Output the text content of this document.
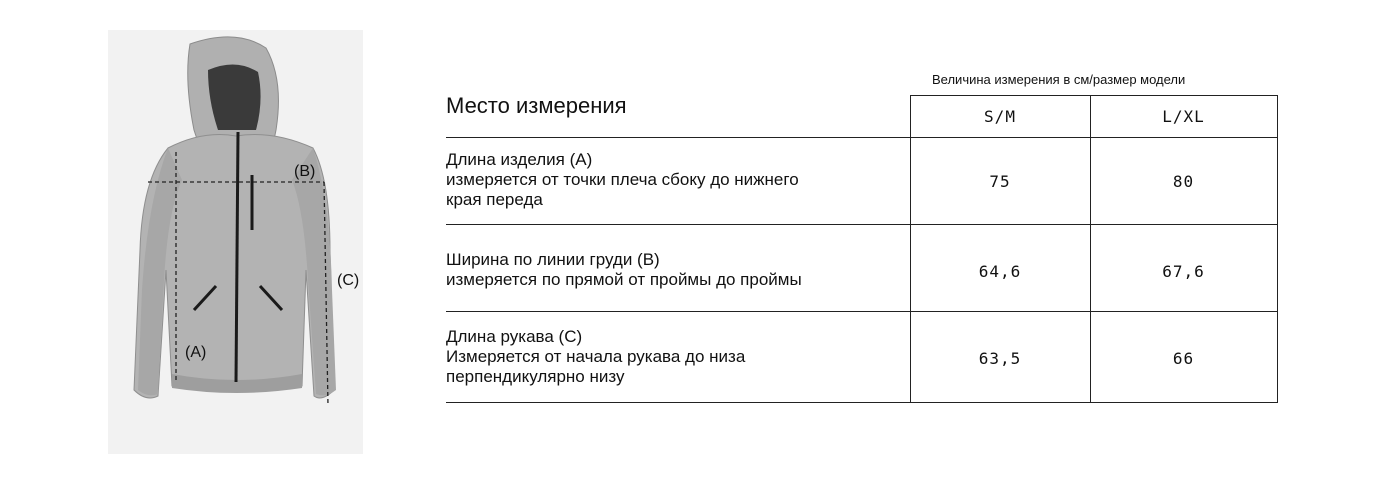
(B)
(C)
(A)
Величина измерения в см/размер модели
Место измерения	S/M	L/XL
Длина изделия (А)
измеряется от точки плеча сбоку до нижнего
края переда
75	80
Ширина по линии груди (В)
измеряется по прямой от проймы до проймы	64,6	67,6
Длина рукава (С)
Измеряется от начала рукава до низа
перпендикулярно низу
63,5	66
